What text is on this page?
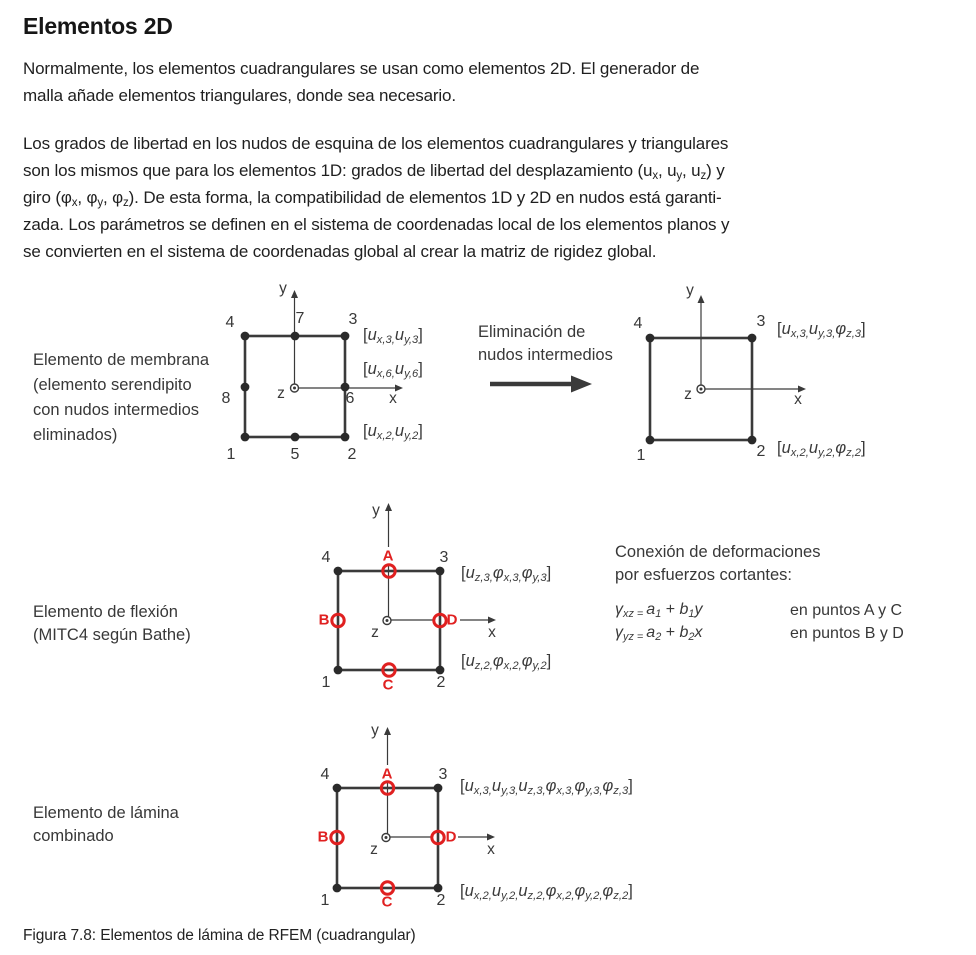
Elementos 2D
Normalmente, los elementos cuadrangulares se usan como elementos 2D. El generador de
malla añade elementos triangulares, donde sea necesario.
Los grados de libertad en los nudos de esquina de los elementos cuadrangulares y triangulares
son los mismos que para los elementos 1D: grados de libertad del desplazamiento (ux, uy, uz) y
giro (φx, φy, φz). De esta forma, la compatibilidad de elementos 1D y 2D en nudos está garanti-
zada. Los parámetros se definen en el sistema de coordenadas local de los elementos planos y
se convierten en el sistema de coordenadas global al crear la matriz de rigidez global.
Figura 7.8: Elementos de lámina de RFEM (cuadrangular)
Elemento de membrana
(elemento serendipito
con nudos intermedios
eliminados)
4	7	3
8	6
1	5	2
y
x
z
[ux,3,uy,3]
[ux,6,uy,6]
[ux,2,uy,2]
Eliminación de
nudos intermedios
4	3
1	2
y
x
z
[ux,3,uy,3,φz,3]
[ux,2,uy,2,φz,2]
Elemento de flexión
(MITC4 según Bathe)
4	3
1	2
A
B
C
D
y
x
z
[uz,3,φx,3,φy,3]
[uz,2,φx,2,φy,2]
Conexión de deformaciones
por esfuerzos cortantes:
γxz = a1 + b1y	en puntos A y C
γyz = a2 + b2x	en puntos B y D
Elemento de lámina
combinado
4	3
1	2
A
B
C
D
y
x
z
[ux,3,uy,3,uz,3,φx,3,φy,3,φz,3]
[ux,2,uy,2,uz,2,φx,2,φy,2,φz,2]
